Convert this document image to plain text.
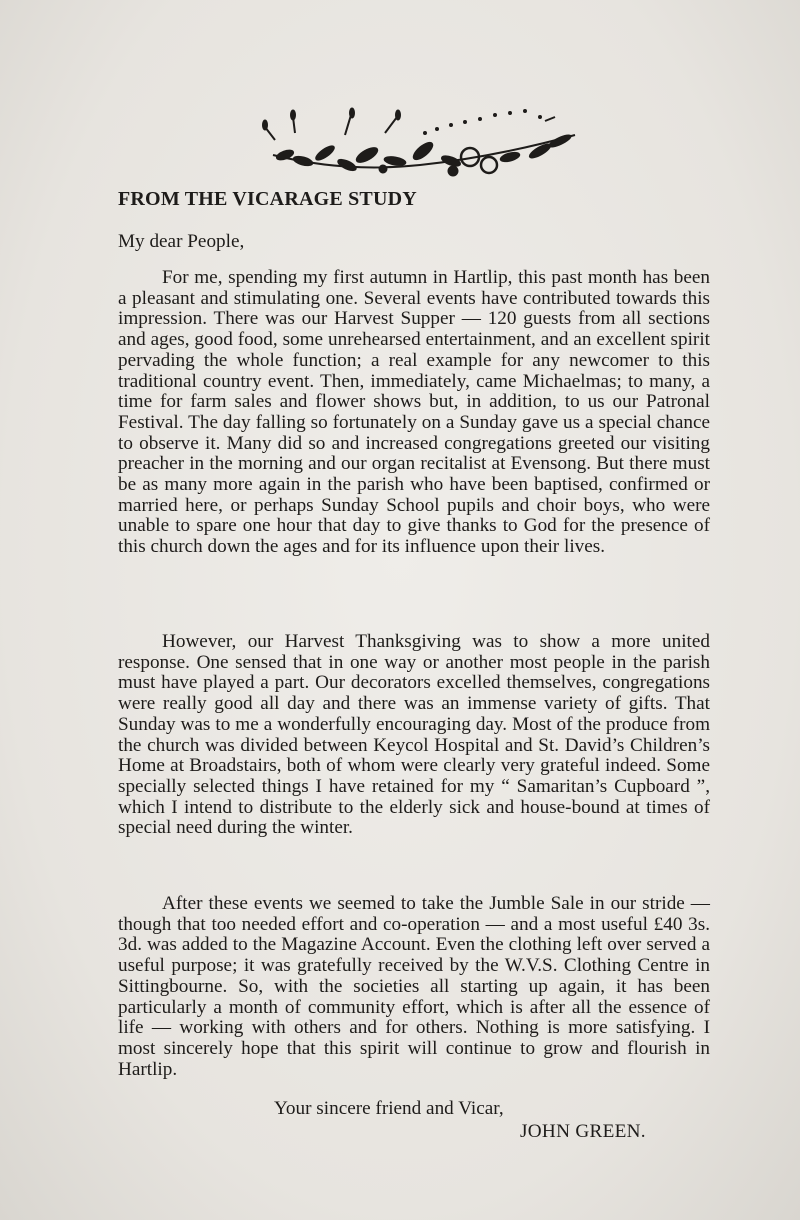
FROM THE VICARAGE STUDY
My dear People,

For me, spending my first autumn in Hartlip, this past month has been a pleasant and stimulating one. Several events have contributed towards this impression. There was our Harvest Supper — 120 guests from all sections and ages, good food, some unrehearsed entertainment, and an excellent spirit pervading the whole function; a real example for any newcomer to this traditional country event. Then, immediately, came Michaelmas; to many, a time for farm sales and flower shows but, in addition, to us our Patronal Festival. The day falling so fortunately on a Sunday gave us a special chance to observe it. Many did so and increased congregations greeted our visiting preacher in the morning and our organ recitalist at Evensong. But there must be as many more again in the parish who have been baptised, confirmed or married here, or perhaps Sunday School pupils and choir boys, who were unable to spare one hour that day to give thanks to God for the presence of this church down the ages and for its influence upon their lives.

However, our Harvest Thanksgiving was to show a more united response. One sensed that in one way or another most people in the parish must have played a part. Our decorators excelled themselves, congregations were really good all day and there was an immense variety of gifts. That Sunday was to me a wonderfully encouraging day. Most of the produce from the church was divided between Keycol Hospital and St. David’s Children’s Home at Broadstairs, both of whom were clearly very grateful indeed. Some specially selected things I have retained for my “ Samaritan’s Cupboard ”, which I intend to distribute to the elderly sick and house-bound at times of special need during the winter.

After these events we seemed to take the Jumble Sale in our stride — though that too needed effort and co-operation — and a most useful £40 3s. 3d. was added to the Magazine Account. Even the clothing left over served a useful purpose; it was gratefully received by the W.V.S. Clothing Centre in Sittingbourne. So, with the societies all starting up again, it has been particularly a month of community effort, which is after all the essence of life — working with others and for others. Nothing is more satisfying. I most sincerely hope that this spirit will continue to grow and flourish in Hartlip.

Your sincere friend and Vicar,
JOHN GREEN.
